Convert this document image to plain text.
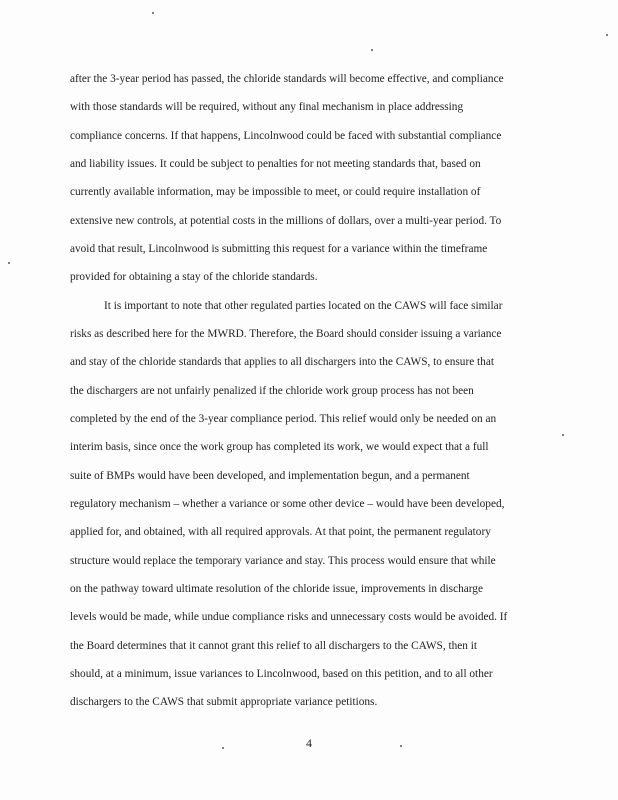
after the 3-year period has passed, the chloride standards will become effective, and compliance
with those standards will be required, without any final mechanism in place addressing
compliance concerns. If that happens, Lincolnwood could be faced with substantial compliance
and liability issues. It could be subject to penalties for not meeting standards that, based on
currently available information, may be impossible to meet, or could require installation of
extensive new controls, at potential costs in the millions of dollars, over a multi-year period. To
avoid that result, Lincolnwood is submitting this request for a variance within the timeframe
provided for obtaining a stay of the chloride standards.
It is important to note that other regulated parties located on the CAWS will face similar
risks as described here for the MWRD. Therefore, the Board should consider issuing a variance
and stay of the chloride standards that applies to all dischargers into the CAWS, to ensure that
the dischargers are not unfairly penalized if the chloride work group process has not been
completed by the end of the 3-year compliance period. This relief would only be needed on an
interim basis, since once the work group has completed its work, we would expect that a full
suite of BMPs would have been developed, and implementation begun, and a permanent
regulatory mechanism – whether a variance or some other device – would have been developed,
applied for, and obtained, with all required approvals. At that point, the permanent regulatory
structure would replace the temporary variance and stay. This process would ensure that while
on the pathway toward ultimate resolution of the chloride issue, improvements in discharge
levels would be made, while undue compliance risks and unnecessary costs would be avoided. If
the Board determines that it cannot grant this relief to all dischargers to the CAWS, then it
should, at a minimum, issue variances to Lincolnwood, based on this petition, and to all other
dischargers to the CAWS that submit appropriate variance petitions.
4
